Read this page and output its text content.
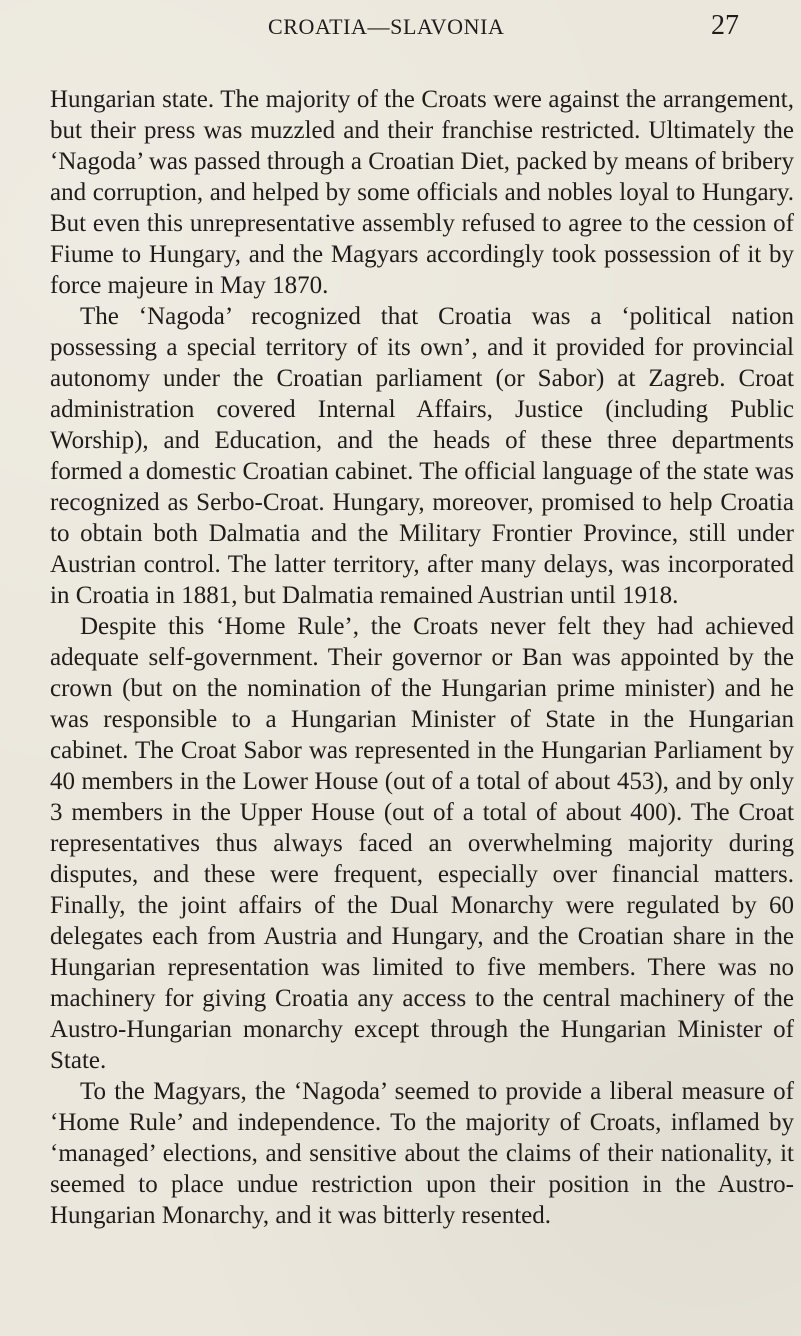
CROATIA—SLAVONIA	27

Hungarian state. The majority of the Croats were against the arrangement, but their press was muzzled and their franchise restricted. Ultimately the ‘Nagoda’ was passed through a Croatian Diet, packed by means of bribery and corruption, and helped by some officials and nobles loyal to Hungary. But even this unrepresentative assembly refused to agree to the cession of Fiume to Hungary, and the Magyars accordingly took possession of it by force majeure in May 1870.

The ‘Nagoda’ recognized that Croatia was a ‘political nation possessing a special territory of its own’, and it provided for provincial autonomy under the Croatian parliament (or Sabor) at Zagreb. Croat administration covered Internal Affairs, Justice (including Public Worship), and Education, and the heads of these three departments formed a domestic Croatian cabinet. The official language of the state was recognized as Serbo-Croat. Hungary, moreover, promised to help Croatia to obtain both Dalmatia and the Military Frontier Province, still under Austrian control. The latter territory, after many delays, was incorporated in Croatia in 1881, but Dalmatia remained Austrian until 1918.

Despite this ‘Home Rule’, the Croats never felt they had achieved adequate self-government. Their governor or Ban was appointed by the crown (but on the nomination of the Hungarian prime minister) and he was responsible to a Hungarian Minister of State in the Hungarian cabinet. The Croat Sabor was represented in the Hungarian Parliament by 40 members in the Lower House (out of a total of about 453), and by only 3 members in the Upper House (out of a total of about 400). The Croat representatives thus always faced an overwhelming majority during disputes, and these were frequent, especially over financial matters. Finally, the joint affairs of the Dual Monarchy were regulated by 60 delegates each from Austria and Hungary, and the Croatian share in the Hungarian representation was limited to five members. There was no machinery for giving Croatia any access to the central machinery of the Austro-Hungarian monarchy except through the Hungarian Minister of State.

To the Magyars, the ‘Nagoda’ seemed to provide a liberal measure of ‘Home Rule’ and independence. To the majority of Croats, inflamed by ‘managed’ elections, and sensitive about the claims of their nationality, it seemed to place undue restriction upon their position in the Austro-Hungarian Monarchy, and it was bitterly resented.
